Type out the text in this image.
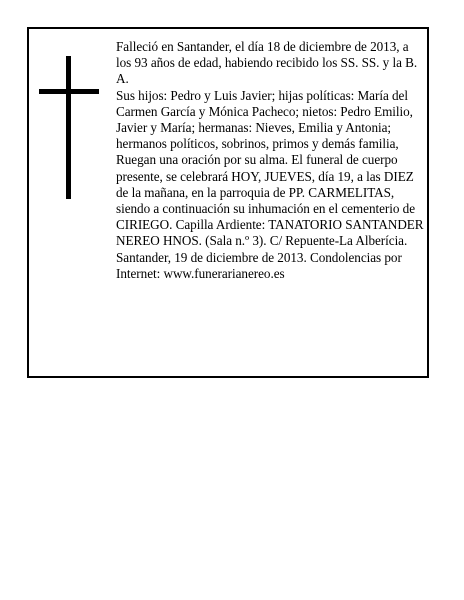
Falleció en Santander, el día 18 de diciembre de 2013, a los 93 años de edad, habiendo recibido los SS. SS. y la B. A.

Sus hijos: Pedro y Luis Javier; hijas políticas: María del Carmen García y Mónica Pacheco; nietos: Pedro Emilio, Javier y María; hermanas: Nieves, Emilia y Antonia; hermanos políticos, sobrinos, primos y demás familia,

Ruegan una oración por su alma. El funeral de cuerpo presente, se celebrará HOY, JUEVES, día 19, a las DIEZ de la mañana, en la parroquia de PP. CARMELITAS, siendo a continuación su inhumación en el cementerio de CIRIEGO. Capilla Ardiente: TANATORIO SANTANDER NEREO HNOS. (Sala n.º 3). C/ Repuente-La Alberícia.

Santander, 19 de diciembre de 2013. Condolencias por Internet: www.funerarianereo.es
